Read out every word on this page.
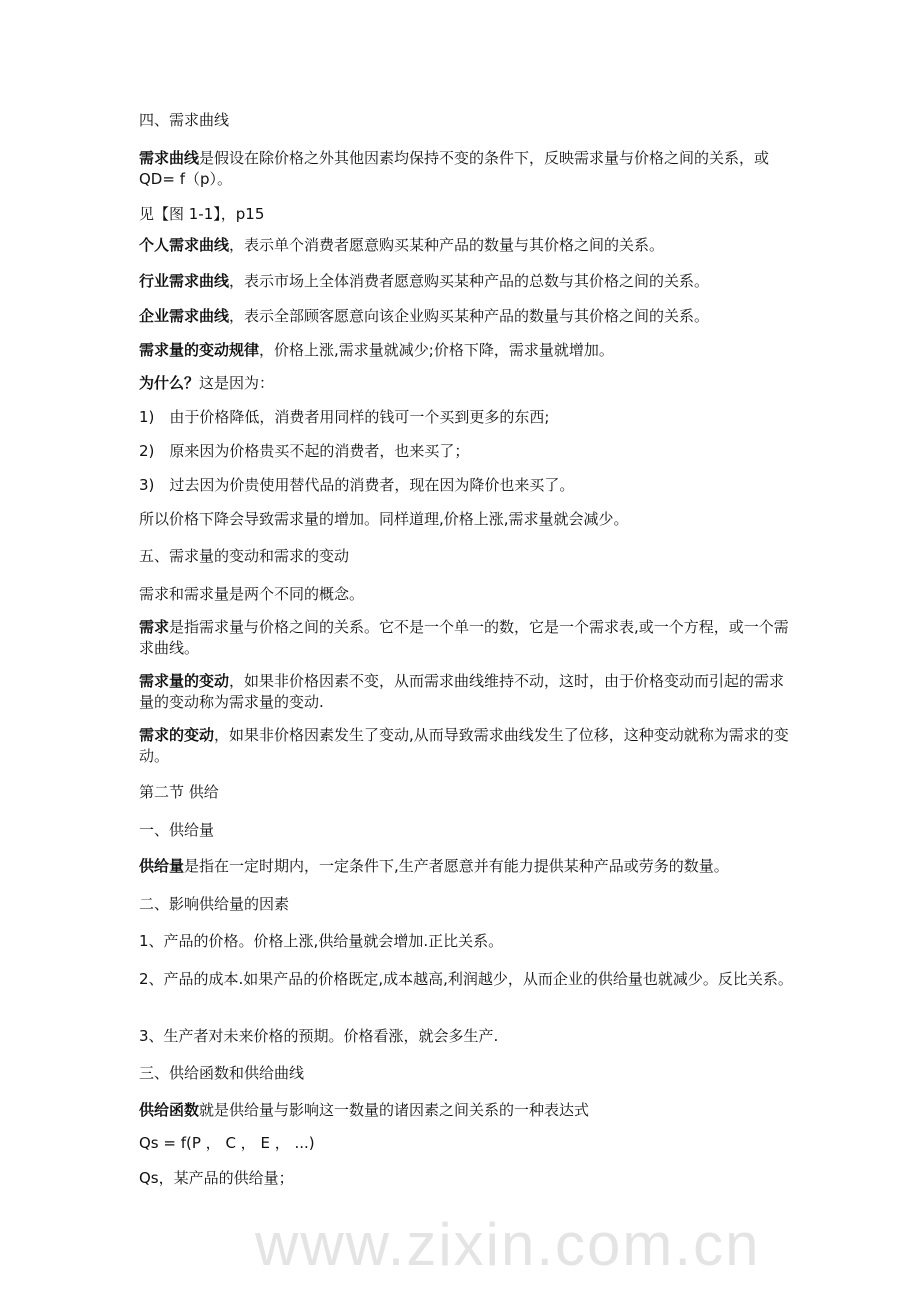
www.zixin.com.cn
四、需求曲线
需求曲线是假设在除价格之外其他因素均保持不变的条件下，反映需求量与价格之间的关系，或 QD= f（p）。
见【图 1-1】，p15
个人需求曲线，表示单个消费者愿意购买某种产品的数量与其价格之间的关系。
行业需求曲线，表示市场上全体消费者愿意购买某种产品的总数与其价格之间的关系。
企业需求曲线，表示全部顾客愿意向该企业购买某种产品的数量与其价格之间的关系。
需求量的变动规律，价格上涨,需求量就减少;价格下降，需求量就增加。
为什么？这是因为：
1)　由于价格降低，消费者用同样的钱可一个买到更多的东西;
2)　原来因为价格贵买不起的消费者，也来买了；
3)　过去因为价贵使用替代品的消费者，现在因为降价也来买了。
所以价格下降会导致需求量的增加。同样道理,价格上涨,需求量就会减少。
五、需求量的变动和需求的变动
需求和需求量是两个不同的概念。
需求是指需求量与价格之间的关系。它不是一个单一的数，它是一个需求表,或一个方程，或一个需求曲线。
需求量的变动，如果非价格因素不变，从而需求曲线维持不动，这时，由于价格变动而引起的需求量的变动称为需求量的变动.
需求的变动，如果非价格因素发生了变动,从而导致需求曲线发生了位移，这种变动就称为需求的变动。
第二节 供给
一、供给量
供给量是指在一定时期内，一定条件下,生产者愿意并有能力提供某种产品或劳务的数量。
二、影响供给量的因素
1、产品的价格。价格上涨,供给量就会增加.正比关系。
2、产品的成本.如果产品的价格既定,成本越高,利润越少，从而企业的供给量也就减少。反比关系。
3、生产者对未来价格的预期。价格看涨，就会多生产.
三、供给函数和供给曲线
供给函数就是供给量与影响这一数量的诸因素之间关系的一种表达式
Qs = f(P ， C ， E ， ...)
Qs，某产品的供给量；
